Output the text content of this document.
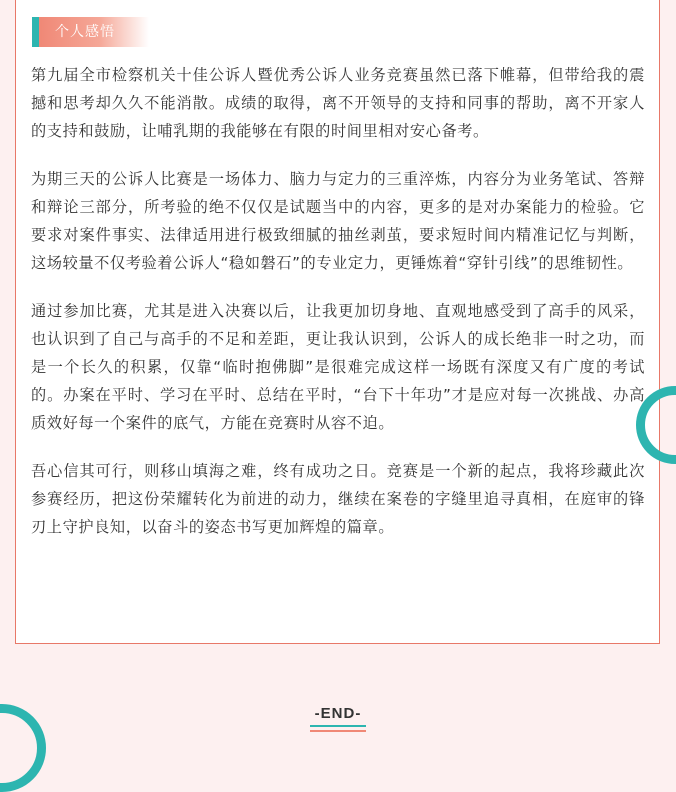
个人感悟

第九届全市检察机关十佳公诉人暨优秀公诉人业务竞赛虽然已落下帷幕，但带给我的震撼和思考却久久不能消散。成绩的取得，离不开领导的支持和同事的帮助，离不开家人的支持和鼓励，让哺乳期的我能够在有限的时间里相对安心备考。

为期三天的公诉人比赛是一场体力、脑力与定力的三重淬炼，内容分为业务笔试、答辩和辩论三部分，所考验的绝不仅仅是试题当中的内容，更多的是对办案能力的检验。它要求对案件事实、法律适用进行极致细腻的抽丝剥茧，要求短时间内精准记忆与判断，这场较量不仅考验着公诉人“稳如磐石”的专业定力，更锤炼着“穿针引线”的思维韧性。

通过参加比赛，尤其是进入决赛以后，让我更加切身地、直观地感受到了高手的风采，也认识到了自己与高手的不足和差距，更让我认识到，公诉人的成长绝非一时之功，而是一个长久的积累，仅靠“临时抱佛脚”是很难完成这样一场既有深度又有广度的考试的。办案在平时、学习在平时、总结在平时，“台下十年功”才是应对每一次挑战、办高质效好每一个案件的底气，方能在竞赛时从容不迫。

吾心信其可行，则移山填海之难，终有成功之日。竞赛是一个新的起点，我将珍藏此次参赛经历，把这份荣耀转化为前进的动力，继续在案卷的字缝里追寻真相，在庭审的锋刃上守护良知，以奋斗的姿态书写更加辉煌的篇章。

-END-
